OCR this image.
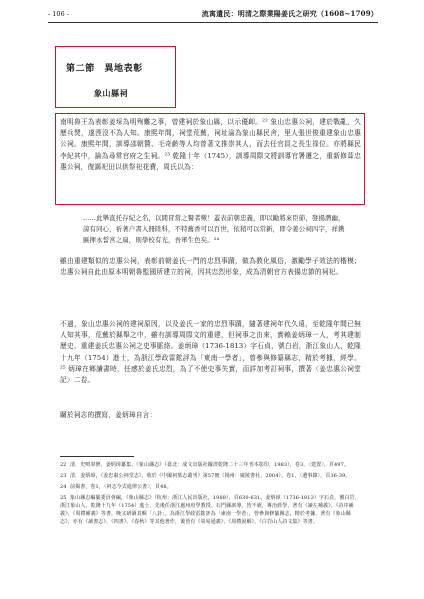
- 106 -	流寓遺民：明清之際業陽姜氏之研究（1608~1709）
第二節　異地表彰
象山縣祠
南明魯王為表彰姜埰為明殉難之事，曾建祠於象山縣，以示優卹。²² 象山忠惠公祠，建於戰亂，久歷兵燹，遂湮沒不為人知。康熙年間，祠堂荒蕪，祠址淪為象山縣民舍，里人張世俊重建象山忠惠公祠。康熙年間，訓導邵朝贊、毛奇齡等人均曾著文推崇其人，而去任官員之長生祿位。亦將縣民李紀其中，論為尋常官府之生祠。²³ 乾隆十年（1745），訓導周際文將訓導官署遷之，重新修葺忠惠公祠，復謁祀田以供祭祀花費，周氏以為：
……此舉直托存紀之名，以閭冒當之餐者歟！蓋表前朝忠義，即以勵將來臣節，發揚潛幽，諒有同心，祈著户書入冊陞科，不特舊香可以百世，依稍可以常新，即令姜公祠四字，祥鎸匾揮永誓宮之扁，則學校有光，吾軍生色矣。²⁴
雖由重建類似的忠惠公祠，表彰前朝姜氏一門的忠烈事蹟，做為教化風俗，激勵學子效法的楷模；忠惠公祠自此由原本明朝魯監國所建立的祠，因其忠烈形象，成為清朝官方表揚忠節的祠祀。
不過，象山忠惠公祠的建祠原因，以及姜氏一家的忠烈事蹟，隨著建祠年代久遠，至乾隆年間已無人知其事，荒蕪於縣舉之中，雖有訓導周際文的重建，但祠事之由來，實賴姜炳璋一人，考其建制歷史，重建姜氏忠惠公祠之史事脈絡。姜炳璋（1736-1813）字石貞，號白岩，浙江象山人，乾隆十九年（1754）進士，為浙江學政雷鋐評為「東南一學者」，曾參與修纂縣志，精於考據，經學。²⁵ 炳璋在鄉讀書時，任感於姜氏忠烈，為了不使史事失實，而詳加考訂祠事，撰著〈姜忠惠公祠堂記〉二卷。
關於祠志的撰寫，姜炳璋自言：
22 清．史鳴皋修，姜炳璋纂集，《象山縣志》（臺北：成文出版社據清乾隆二十三年刊本影印，1983），卷3，〈建置〉，頁497。
23 清．姜炳璋，《姜忠肅公祠堂志》，收於《中國祠墓志叢刊》第57冊（揚州：廣陵書社，2004），卷1，〈遺事錄〉，頁36-39。
24 前揭書，卷1，〈祠志今式進律公書〉，頁48。
25 象山縣志編纂委員會編，《象山縣志》（杭州：浙江人民出版社，1988），頁630-631。姜炳璋（1736-1813）字石貞，號白岩，浙江象山人，乾隆十九年（1754）進士，先後任浙江處州府學教授、石門縣訓導，皆不就，專治經學，著有《讀左補義》、《詩序補義》、《周禮補義》等書，晚又研讀其輯「八卦」。為浙江學政雷鋐評為「東南一學者」，曾參與修纂縣志，精於考據，著有《象山縣志》，亦有《讀書志》、《四書》、《春秋》等其他著作，後皆有《周易通義》、《周禮說解》、《白岩山人詩文集》等書。
